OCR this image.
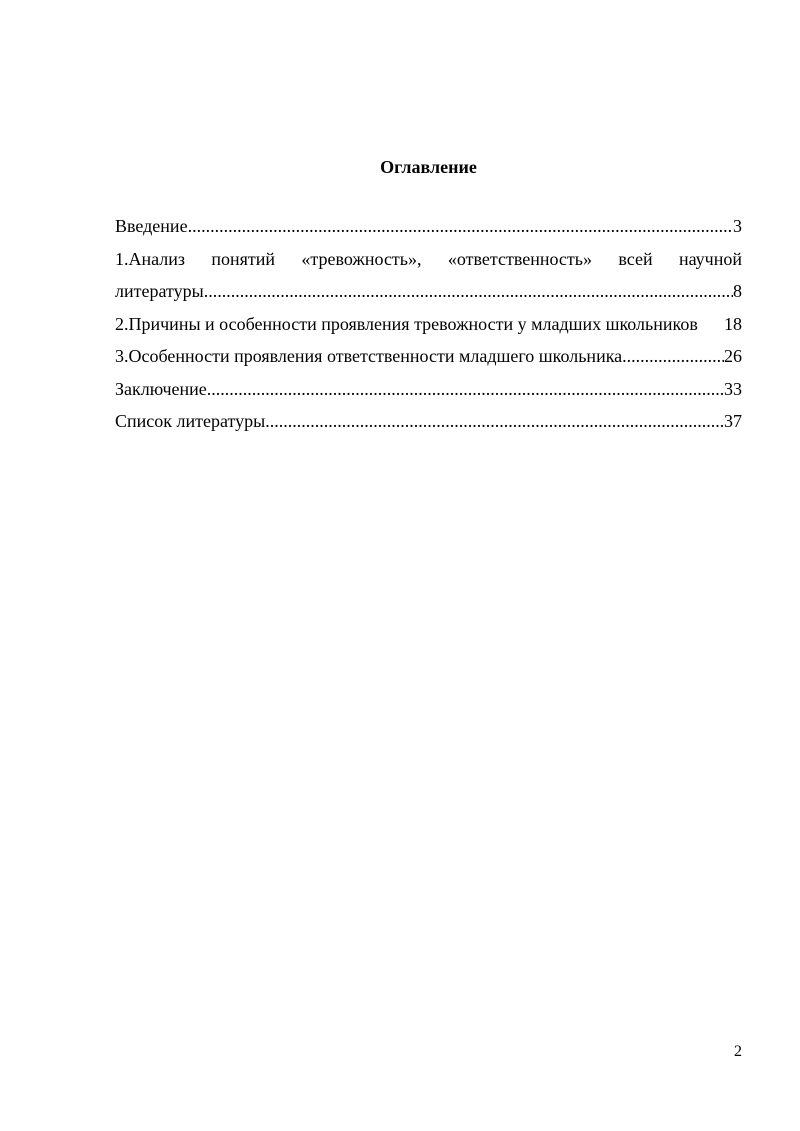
Оглавление
Введение .....	3
1.Анализ понятий «тревожность», «ответственность» всей научной
литературы .....	8
2.Причины и особенности проявления тревожности у младших школьников 18
3.Особенности проявления ответственности младшего школьника .....	26
Заключение .....	33
Список литературы .....	37
2
